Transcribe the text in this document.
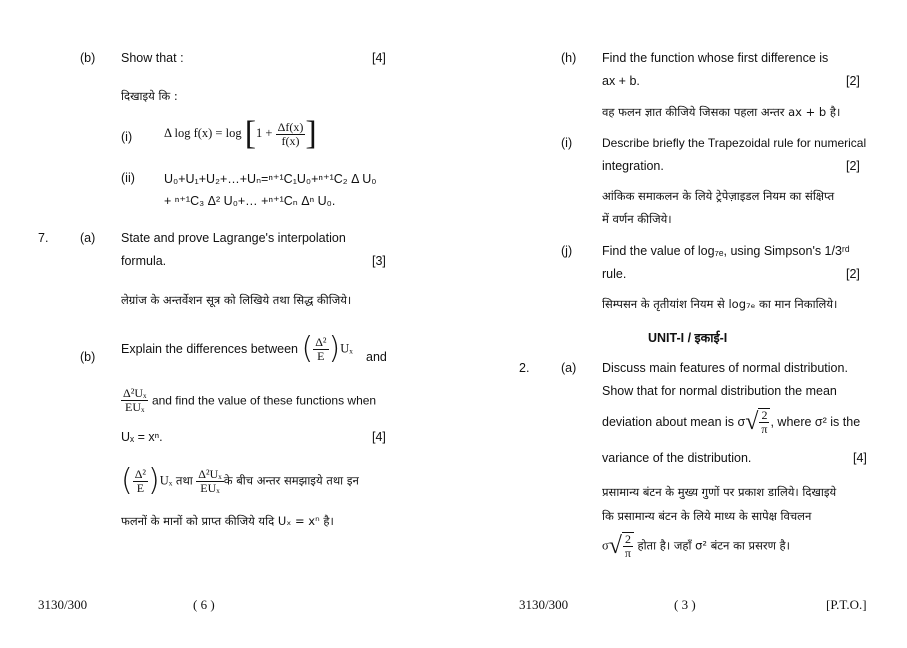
(b) Show that :	[4]
दिखाइये कि :
(i)	Δ $\log f(x) = \log [1 + \frac{\Delta f(x)}{f(x)}$ ]
(ii) U₀+U₁+U₂+…+Uₙ=ⁿ⁺¹C₁U₀+ⁿ⁺¹C₂ Δ U₀
+ ⁿ⁺¹C₃ Δ² U₀+… +ⁿ⁺¹Cₙ Δⁿ U₀.
7.	(a) State and prove Lagrange's interpolation
formula.	[3]
लेग्रांज के अन्तर्वेशन सूत्र को लिखिये तथा सिद्ध कीजिये।
(b)
Explain the differences between ( $\frac{\text{Δ²}}{E} )U_x$
and
$\frac{\text{Δ²Uₓ}}{\text{EUₓ}}$ and find the value of these functions when
Uₓ = xⁿ.	[4]
( $\frac{\text{Δ²}}{E} )U_x$ तथा $\frac{\text{Δ²Uₓ}}{\text{EUₓ}}$ के बीच अन्तर समझाइये तथा इन
फलनों के मानों को प्राप्त कीजिये यदि Uₓ = xⁿ है।
3130/300	( 6 )
(h) Find the function whose first difference is
ax + b.	[2]
वह फलन ज्ञात कीजिये जिसका पहला अन्तर ax + b है।
(i) Describe briefly the Trapezoidal rule for numerical
integration.	[2]
आंकिक समाकलन के लिये ट्रेपेज़ाइडल नियम का संक्षिप्त
में वर्णन कीजिये।
(j) Find the value of log₇ₑ, using Simpson's 1/3ʳᵈ
rule.	[2]
सिम्पसन के तृतीयांश नियम से log₇ₑ का मान निकालिये।
UNIT-I / इकाई-I
2.	(a) Discuss main features of normal distribution.
Show that for normal distribution the mean
deviation about mean is $\sigma√ \frac{2}{\pi}$ , where σ² is the
variance of the distribution.	[4]
प्रसामान्य बंटन के मुख्य गुणों पर प्रकाश डालिये। दिखाइये
कि प्रसामान्य बंटन के लिये माध्य के सापेक्ष विचलन
$\sigma√ \frac{2}{\pi}$ होता है। जहाँ σ² बंटन का प्रसरण है।
3130/300	( 3 )	[P.T.O.]
